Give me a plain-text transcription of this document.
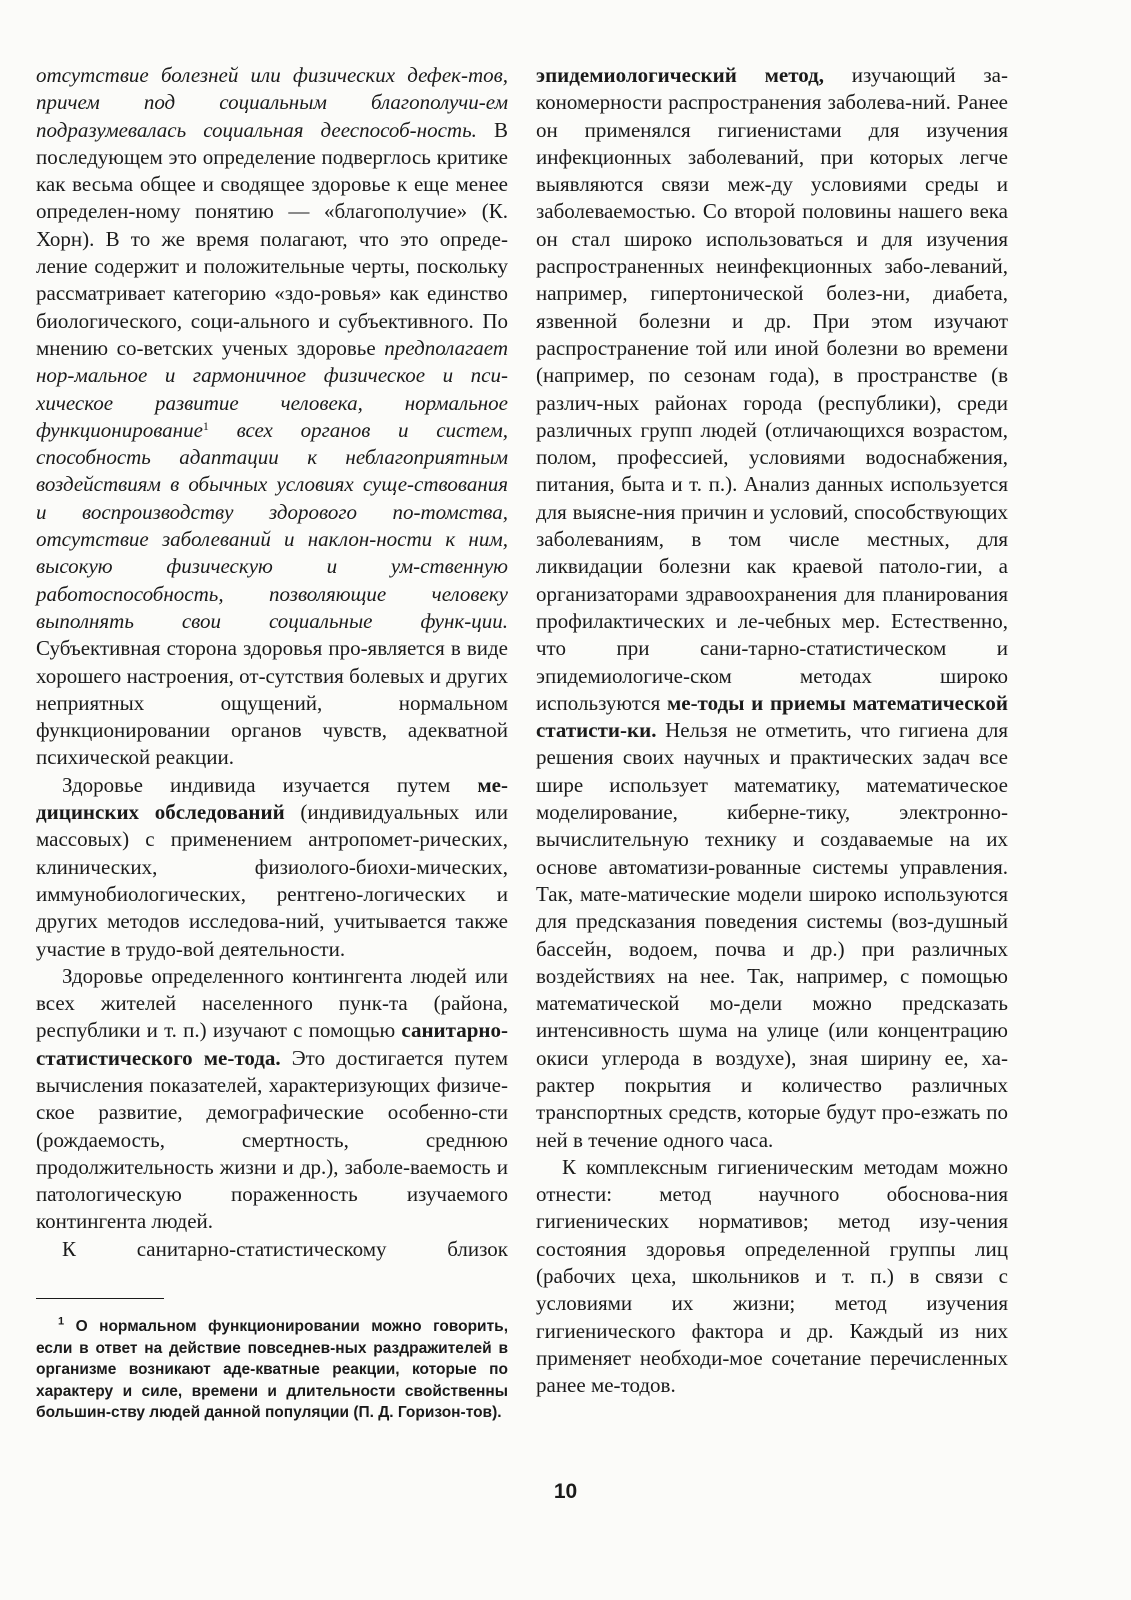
отсутствие болезней или физических дефек-тов, причем под социальным благополучи-ем подразумевалась социальная дееспособ-ность. В последующем это определение подверглось критике как весьма общее и сводящее здоровье к еще менее определен-ному понятию — «благополучие» (К. Хорн). В то же время полагают, что это опреде-ление содержит и положительные черты, поскольку рассматривает категорию «здо-ровья» как единство биологического, соци-ального и субъективного. По мнению со-ветских ученых здоровье предполагает нор-мальное и гармоничное физическое и пси-хическое развитие человека, нормальное функционирование$^1$ всех органов и систем, способность адаптации к неблагоприятным воздействиям в обычных условиях суще-ствования и воспроизводству здорового по-томства, отсутствие заболеваний и наклон-ности к ним, высокую физическую и ум-ственную работоспособность, позволяющие человеку выполнять свои социальные функ-ции. Субъективная сторона здоровья про-является в виде хорошего настроения, от-сутствия болевых и других неприятных ощущений, нормальном функционировании органов чувств, адекватной психической реакции.

Здоровье индивида изучается путем ме-дицинских обследований (индивидуальных или массовых) с применением антропомет-рических, клинических, физиолого-биохи-мических, иммунобиологических, рентгено-логических и других методов исследова-ний, учитывается также участие в трудо-вой деятельности.

Здоровье определенного контингента людей или всех жителей населенного пунк-та (района, республики и т. п.) изучают с помощью санитарно-статистического ме-тода. Это достигается путем вычисления показателей, характеризующих физиче-ское развитие, демографические особенно-сти (рождаемость, смертность, среднюю продолжительность жизни и др.), заболе-ваемость и патологическую пораженность изучаемого контингента людей.

К санитарно-статистическому близок

эпидемиологический метод, изучающий за-кономерности распространения заболева-ний. Ранее он применялся гигиенистами для изучения инфекционных заболеваний, при которых легче выявляются связи меж-ду условиями среды и заболеваемостью. Со второй половины нашего века он стал широко использоваться и для изучения распространенных неинфекционных забо-леваний, например, гипертонической болез-ни, диабета, язвенной болезни и др. При этом изучают распространение той или иной болезни во времени (например, по сезонам года), в пространстве (в различ-ных районах города (республики), среди различных групп людей (отличающихся возрастом, полом, профессией, условиями водоснабжения, питания, быта и т. п.). Анализ данных используется для выясне-ния причин и условий, способствующих заболеваниям, в том числе местных, для ликвидации болезни как краевой патоло-гии, а организаторами здравоохранения для планирования профилактических и ле-чебных мер. Естественно, что при сани-тарно-статистическом и эпидемиологиче-ском методах широко используются ме-тоды и приемы математической статисти-ки. Нельзя не отметить, что гигиена для решения своих научных и практических задач все шире использует математику, математическое моделирование, киберне-тику, электронно-вычислительную технику и создаваемые на их основе автоматизи-рованные системы управления. Так, мате-матические модели широко используются для предсказания поведения системы (воз-душный бассейн, водоем, почва и др.) при различных воздействиях на нее. Так, например, с помощью математической мо-дели можно предсказать интенсивность шума на улице (или концентрацию окиси углерода в воздухе), зная ширину ее, ха-рактер покрытия и количество различных транспортных средств, которые будут про-езжать по ней в течение одного часа.

К комплексным гигиеническим методам можно отнести: метод научного обоснова-ния гигиенических нормативов; метод изу-чения состояния здоровья определенной группы лиц (рабочих цеха, школьников и т. п.) в связи с условиями их жизни; метод изучения гигиенического фактора и др. Каждый из них применяет необходи-мое сочетание перечисленных ранее ме-тодов.

$^1$ О нормальном функционировании можно говорить, если в ответ на действие повседнев-ных раздражителей в организме возникают аде-кватные реакции, которые по характеру и силе, времени и длительности свойственны большин-ству людей данной популяции (П. Д. Горизон-тов).
10
